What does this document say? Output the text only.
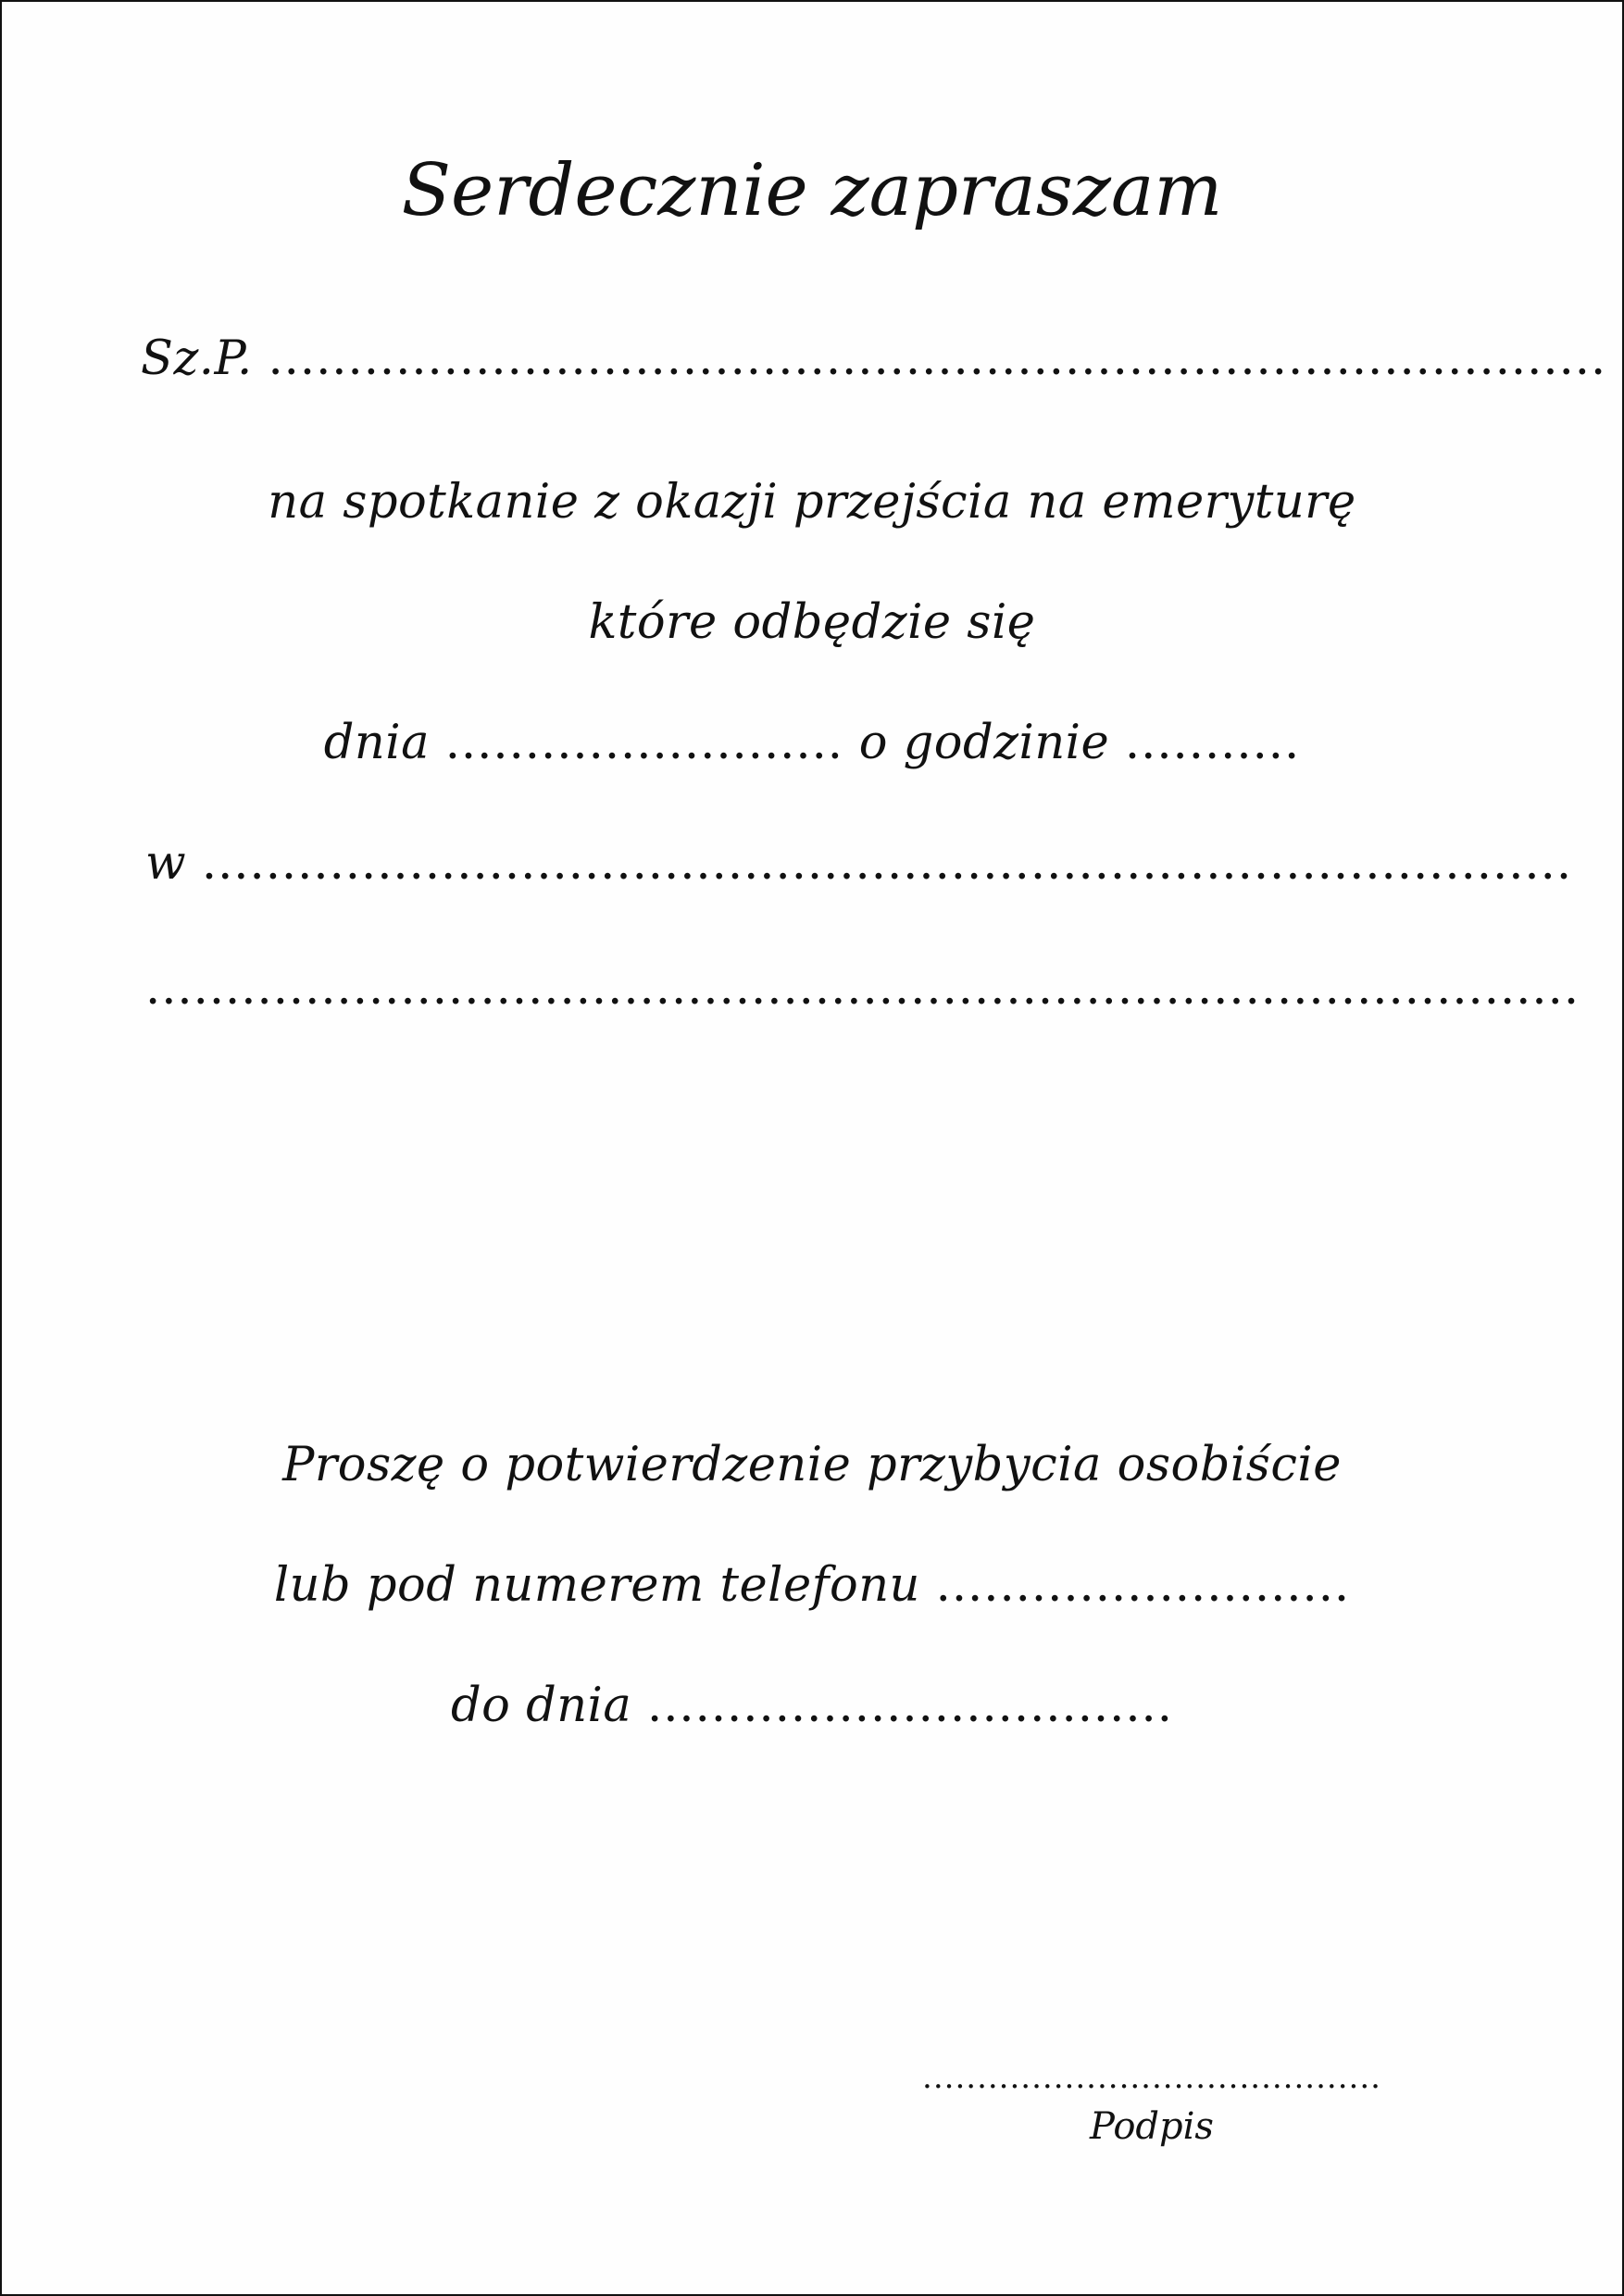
Serdecznie zapraszam
Sz.P. ....................................................................................
na spotkanie z okazji przejścia na emeryturę
które odbędzie się
dnia ......................... o godzinie ...........
w ......................................................................................
..........................................................................................
Proszę o potwierdzenie przybycia osobiście
lub pod numerem telefonu ..........................
do dnia .................................
..........................................
Podpis
